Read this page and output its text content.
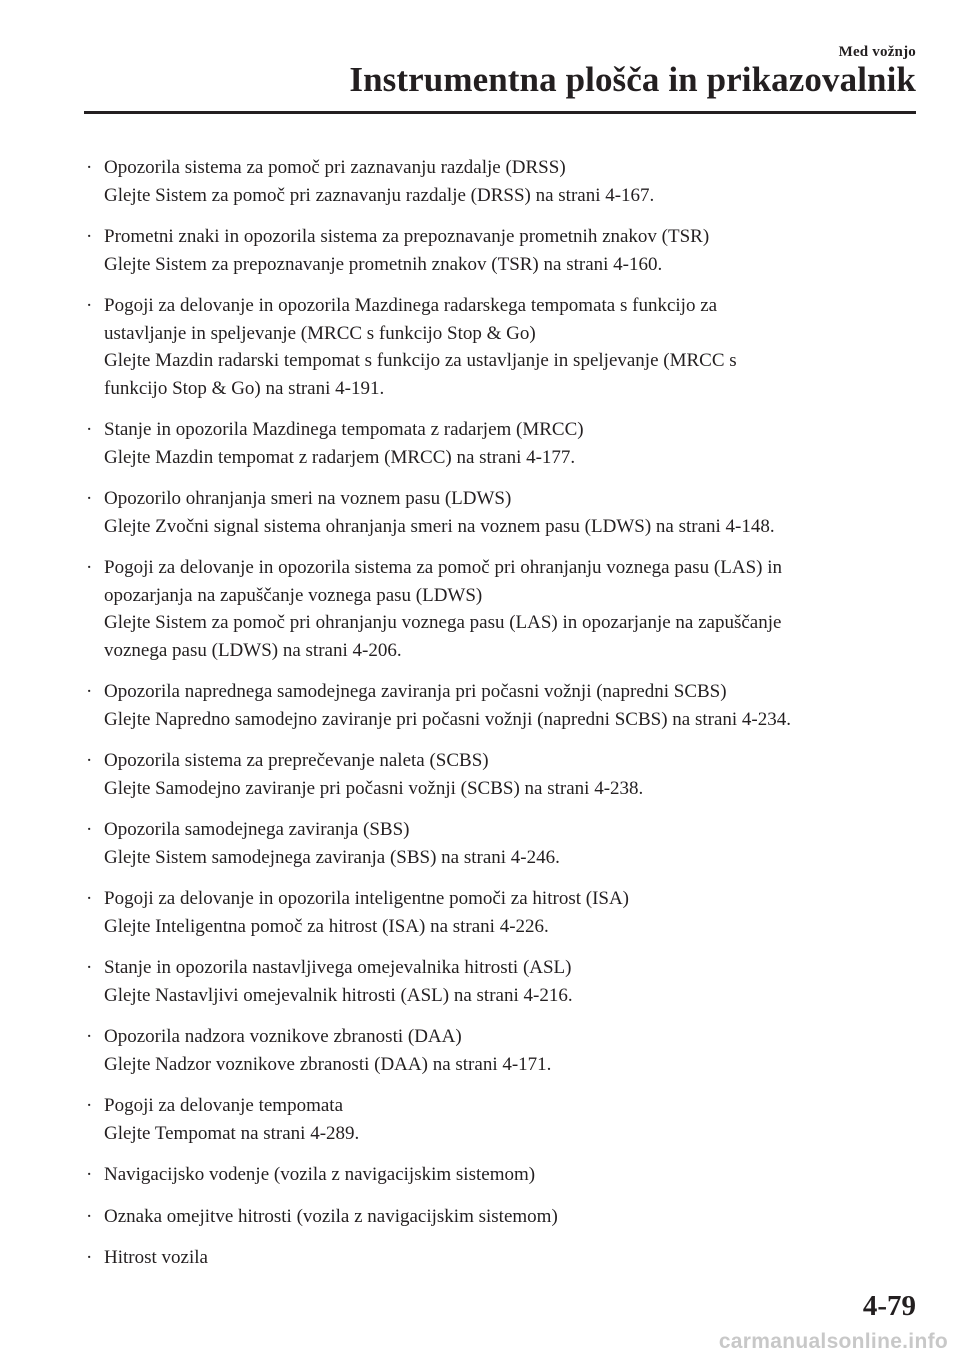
Med vožnjo
Instrumentna plošča in prikazovalnik
· Opozorila sistema za pomoč pri zaznavanju razdalje (DRSS)
Glejte Sistem za pomoč pri zaznavanju razdalje (DRSS) na strani 4-167.
· Prometni znaki in opozorila sistema za prepoznavanje prometnih znakov (TSR)
Glejte Sistem za prepoznavanje prometnih znakov (TSR) na strani 4-160.
· Pogoji za delovanje in opozorila Mazdinega radarskega tempomata s funkcijo za
ustavljanje in speljevanje (MRCC s funkcijo Stop & Go)
Glejte Mazdin radarski tempomat s funkcijo za ustavljanje in speljevanje (MRCC s
funkcijo Stop & Go) na strani 4-191.
· Stanje in opozorila Mazdinega tempomata z radarjem (MRCC)
Glejte Mazdin tempomat z radarjem (MRCC) na strani 4-177.
· Opozorilo ohranjanja smeri na voznem pasu (LDWS)
Glejte Zvočni signal sistema ohranjanja smeri na voznem pasu (LDWS) na strani 4-148.
· Pogoji za delovanje in opozorila sistema za pomoč pri ohranjanju voznega pasu (LAS) in
opozarjanja na zapuščanje voznega pasu (LDWS)
Glejte Sistem za pomoč pri ohranjanju voznega pasu (LAS) in opozarjanje na zapuščanje
voznega pasu (LDWS) na strani 4-206.
· Opozorila naprednega samodejnega zaviranja pri počasni vožnji (napredni SCBS)
Glejte Napredno samodejno zaviranje pri počasni vožnji (napredni SCBS) na strani 4-234.
· Opozorila sistema za preprečevanje naleta (SCBS)
Glejte Samodejno zaviranje pri počasni vožnji (SCBS) na strani 4-238.
· Opozorila samodejnega zaviranja (SBS)
Glejte Sistem samodejnega zaviranja (SBS) na strani 4-246.
· Pogoji za delovanje in opozorila inteligentne pomoči za hitrost (ISA)
Glejte Inteligentna pomoč za hitrost (ISA) na strani 4-226.
· Stanje in opozorila nastavljivega omejevalnika hitrosti (ASL)
Glejte Nastavljivi omejevalnik hitrosti (ASL) na strani 4-216.
· Opozorila nadzora voznikove zbranosti (DAA)
Glejte Nadzor voznikove zbranosti (DAA) na strani 4-171.
· Pogoji za delovanje tempomata
Glejte Tempomat na strani 4-289.
· Navigacijsko vodenje (vozila z navigacijskim sistemom)
· Oznaka omejitve hitrosti (vozila z navigacijskim sistemom)
· Hitrost vozila
4-79
carmanualsonline.info
